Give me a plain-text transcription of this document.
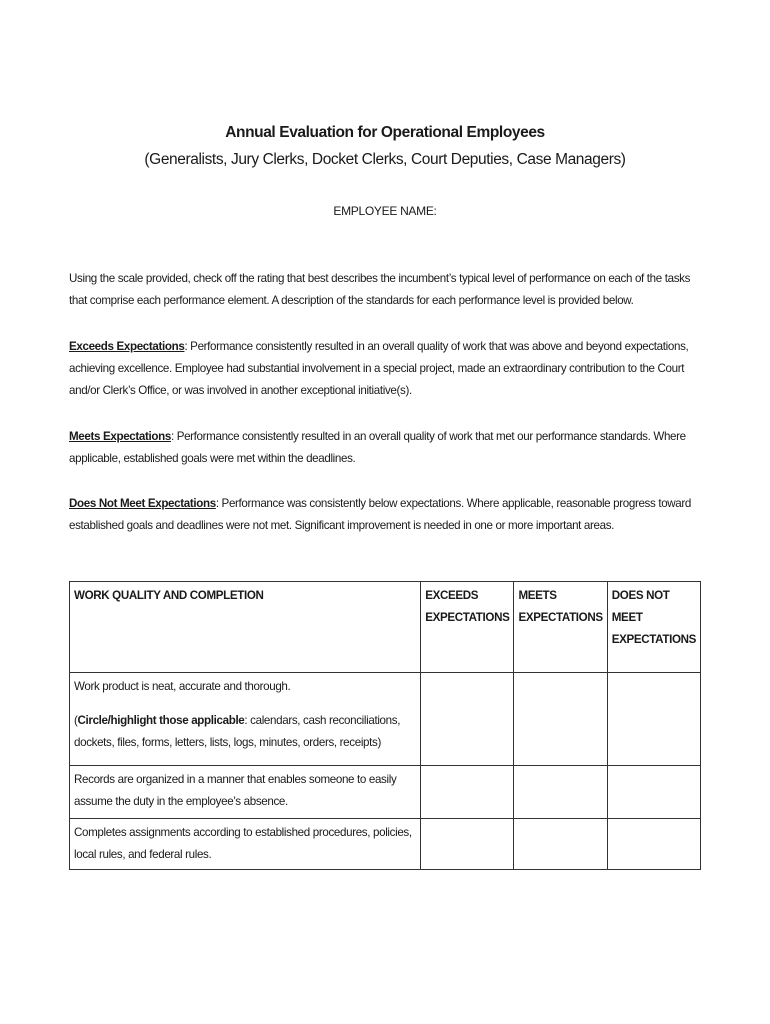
Annual Evaluation for Operational Employees
(Generalists, Jury Clerks, Docket Clerks, Court Deputies, Case Managers)
EMPLOYEE NAME:

Using the scale provided, check off the rating that best describes the incumbent’s typical level of performance on each of the tasks that comprise each performance element. A description of the standards for each performance level is provided below.

Exceeds Expectations: Performance consistently resulted in an overall quality of work that was above and beyond expectations, achieving excellence. Employee had substantial involvement in a special project, made an extraordinary contribution to the Court and/or Clerk’s Office, or was involved in another exceptional initiative(s).

Meets Expectations: Performance consistently resulted in an overall quality of work that met our performance standards. Where applicable, established goals were met within the deadlines.

Does Not Meet Expectations: Performance was consistently below expectations. Where applicable, reasonable progress toward established goals and deadlines were not met. Significant improvement is needed in one or more important areas.

WORK QUALITY AND COMPLETION	EXCEEDS EXPECTATIONS	MEETS EXPECTATIONS	DOES NOT MEET EXPECTATIONS
Work product is neat, accurate and thorough.
(Circle/highlight those applicable: calendars, cash reconciliations, dockets, files, forms, letters, lists, logs, minutes, orders, receipts)			

Records are organized in a manner that enables someone to easily assume the duty in the employee’s absence.			
Completes assignments according to established procedures, policies, local rules, and federal rules.			
